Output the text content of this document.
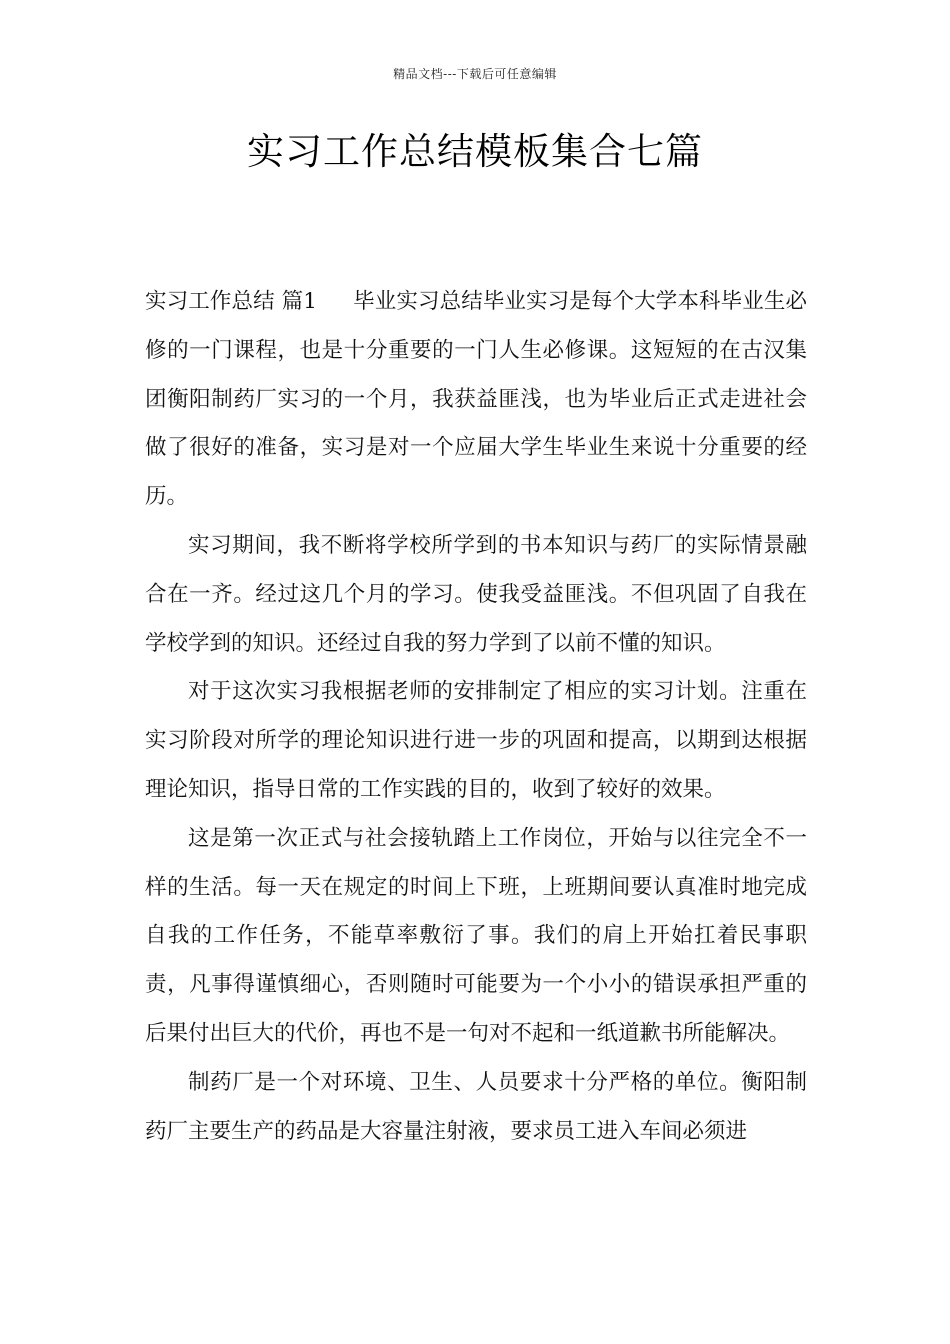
精品文档---下载后可任意编辑
实习工作总结模板集合七篇

实习工作总结 篇1 毕业实习总结毕业实习是每个大学本科毕业生必修的一门课程，也是十分重要的一门人生必修课。这短短的在古汉集团衡阳制药厂实习的一个月，我获益匪浅，也为毕业后正式走进社会做了很好的准备，实习是对一个应届大学生毕业生来说十分重要的经历。

实习期间，我不断将学校所学到的书本知识与药厂的实际情景融合在一齐。经过这几个月的学习。使我受益匪浅。不但巩固了自我在学校学到的知识。还经过自我的努力学到了以前不懂的知识。

对于这次实习我根据老师的安排制定了相应的实习计划。注重在实习阶段对所学的理论知识进行进一步的巩固和提高，以期到达根据理论知识，指导日常的工作实践的目的，收到了较好的效果。

这是第一次正式与社会接轨踏上工作岗位，开始与以往完全不一样的生活。每一天在规定的时间上下班，上班期间要认真准时地完成自我的工作任务，不能草率敷衍了事。我们的肩上开始扛着民事职责，凡事得谨慎细心，否则随时可能要为一个小小的错误承担严重的后果付出巨大的代价，再也不是一句对不起和一纸道歉书所能解决。

制药厂是一个对环境、卫生、人员要求十分严格的单位。衡阳制药厂主要生产的药品是大容量注射液，要求员工进入车间必须进
